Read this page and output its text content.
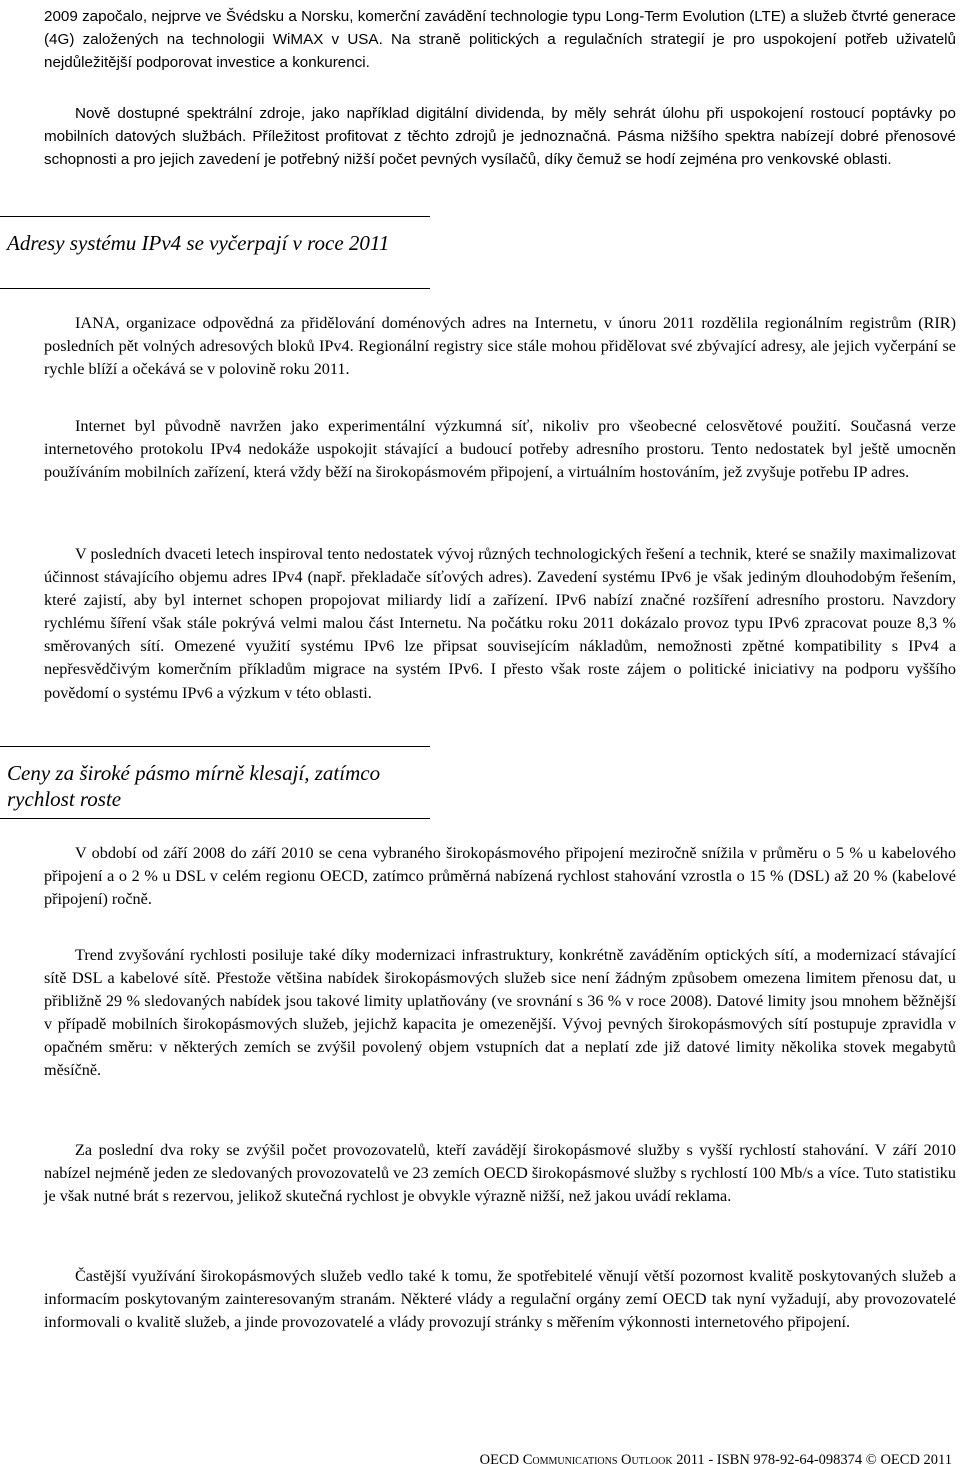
2009 započalo, nejprve ve Švédsku a Norsku, komerční zavádění technologie typu Long-Term Evolution (LTE) a služeb čtvrté generace (4G) založených na technologii WiMAX v USA. Na straně politických a regulačních strategií je pro uspokojení potřeb uživatelů nejdůležitější podporovat investice a konkurenci.

Nově dostupné spektrální zdroje, jako například digitální dividenda, by měly sehrát úlohu při uspokojení rostoucí poptávky po mobilních datových službách. Příležitost profitovat z těchto zdrojů je jednoznačná. Pásma nižšího spektra nabízejí dobré přenosové schopnosti a pro jejich zavedení je potřebný nižší počet pevných vysílačů, díky čemuž se hodí zejména pro venkovské oblasti.

Adresy systému IPv4 se vyčerpají v roce 2011

IANA, organizace odpovědná za přidělování doménových adres na Internetu, v únoru 2011 rozdělila regionálním registrům (RIR) posledních pět volných adresových bloků IPv4. Regionální registry sice stále mohou přidělovat své zbývající adresy, ale jejich vyčerpání se rychle blíží a očekává se v polovině roku 2011.

Internet byl původně navržen jako experimentální výzkumná síť, nikoliv pro všeobecné celosvětové použití. Současná verze internetového protokolu IPv4 nedokáže uspokojit stávající a budoucí potřeby adresního prostoru. Tento nedostatek byl ještě umocněn používáním mobilních zařízení, která vždy běží na širokopásmovém připojení, a virtuálním hostováním, jež zvyšuje potřebu IP adres.

V posledních dvaceti letech inspiroval tento nedostatek vývoj různých technologických řešení a technik, které se snažily maximalizovat účinnost stávajícího objemu adres IPv4 (např. překladače síťových adres). Zavedení systému IPv6 je však jediným dlouhodobým řešením, které zajistí, aby byl internet schopen propojovat miliardy lidí a zařízení. IPv6 nabízí značné rozšíření adresního prostoru. Navzdory rychlému šíření však stále pokrývá velmi malou část Internetu. Na počátku roku 2011 dokázalo provoz typu IPv6 zpracovat pouze 8,3 % směrovaných sítí. Omezené využití systému IPv6 lze připsat souvisejícím nákladům, nemožnosti zpětné kompatibility s IPv4 a nepřesvědčivým komerčním příkladům migrace na systém IPv6. I přesto však roste zájem o politické iniciativy na podporu vyššího povědomí o systému IPv6 a výzkum v této oblasti.

Ceny za široké pásmo mírně klesají, zatímco rychlost roste

V období od září 2008 do září 2010 se cena vybraného širokopásmového připojení meziročně snížila v průměru o 5 % u kabelového připojení a o 2 % u DSL v celém regionu OECD, zatímco průměrná nabízená rychlost stahování vzrostla o 15 % (DSL) až 20 % (kabelové připojení) ročně.

Trend zvyšování rychlosti posiluje také díky modernizaci infrastruktury, konkrétně zaváděním optických sítí, a modernizací stávající sítě DSL a kabelové sítě. Přestože většina nabídek širokopásmových služeb sice není žádným způsobem omezena limitem přenosu dat, u přibližně 29 % sledovaných nabídek jsou takové limity uplatňovány (ve srovnání s 36 % v roce 2008). Datové limity jsou mnohem běžnější v případě mobilních širokopásmových služeb, jejichž kapacita je omezenější. Vývoj pevných širokopásmových sítí postupuje zpravidla v opačném směru: v některých zemích se zvýšil povolený objem vstupních dat a neplatí zde již datové limity několika stovek megabytů měsíčně.

Za poslední dva roky se zvýšil počet provozovatelů, kteří zavádějí širokopásmové služby s vyšší rychlostí stahování. V září 2010 nabízel nejméně jeden ze sledovaných provozovatelů ve 23 zemích OECD širokopásmové služby s rychlostí 100 Mb/s a více. Tuto statistiku je však nutné brát s rezervou, jelikož skutečná rychlost je obvykle výrazně nižší, než jakou uvádí reklama.

Častější využívání širokopásmových služeb vedlo také k tomu, že spotřebitelé věnují větší pozornost kvalitě poskytovaných služeb a informacím poskytovaným zainteresovaným stranám. Některé vlády a regulační orgány zemí OECD tak nyní vyžadují, aby provozovatelé informovali o kvalitě služeb, a jinde provozovatelé a vlády provozují stránky s měřením výkonnosti internetového připojení.

OECD Communications Outlook 2011 - ISBN 978-92-64-098374 © OECD 2011
